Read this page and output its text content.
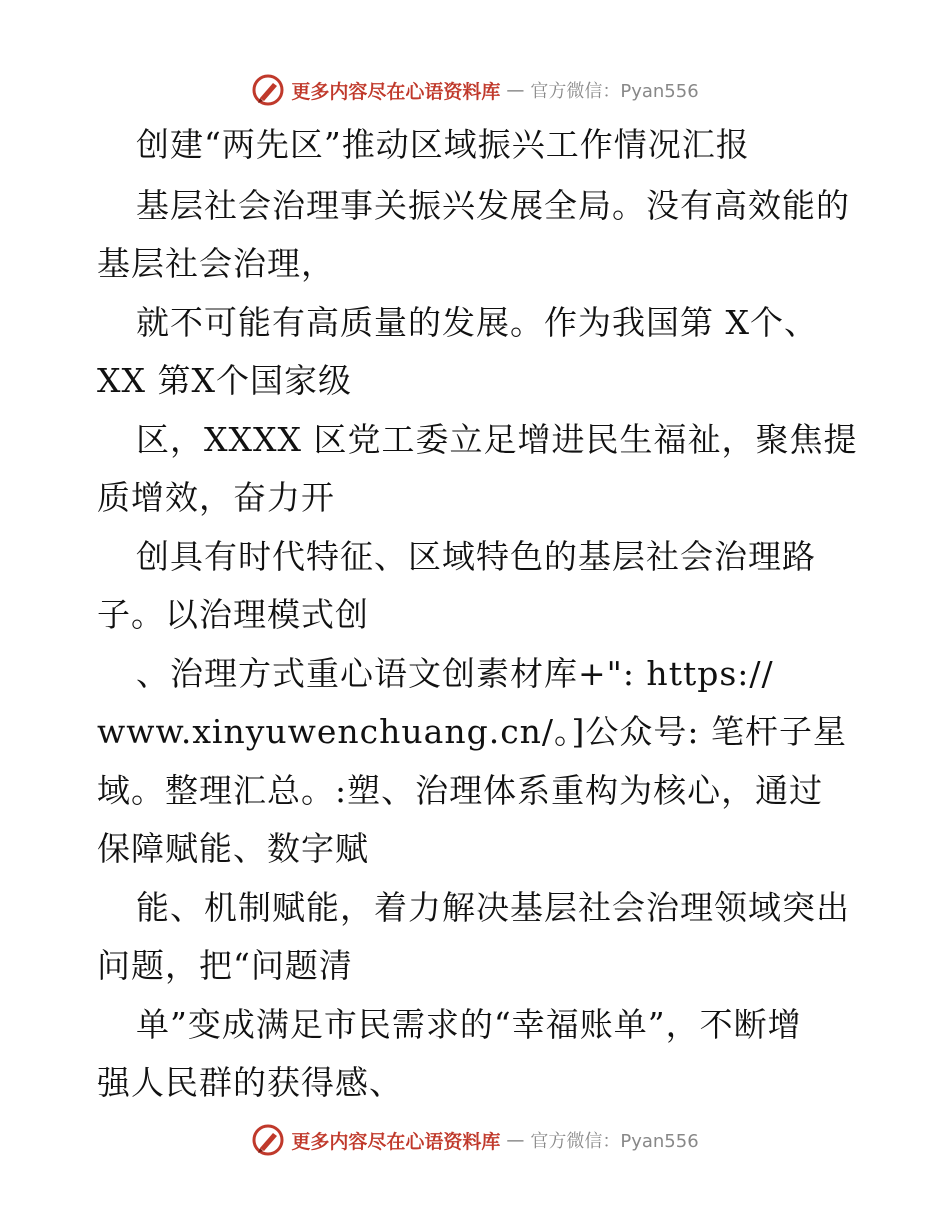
更多内容尽在心语资料库 — 官方微信：Pyan556
创建“两先区”推动区域振兴工作情况汇报
基层社会治理事关振兴发展全局。没有高效能的
基层社会治理，
就不可能有高质量的发展。作为我国第 X个、
XX 第X个国家级
区，XXXX 区党工委立足增进民生福祉，聚焦提
质增效，奋力开
创具有时代特征、区域特色的基层社会治理路
子。以治理模式创
、治理方式重心语文创素材库+": https://
www.xinyuwenchuang.cn/。]公众号: 笔杆子星
域。整理汇总。:塑、治理体系重构为核心，通过
保障赋能、数字赋
能、机制赋能，着力解决基层社会治理领域突出
问题，把“问题清
单”变成满足市民需求的“幸福账单”，不断增
强人民群的获得感、
更多内容尽在心语资料库 — 官方微信：Pyan556
